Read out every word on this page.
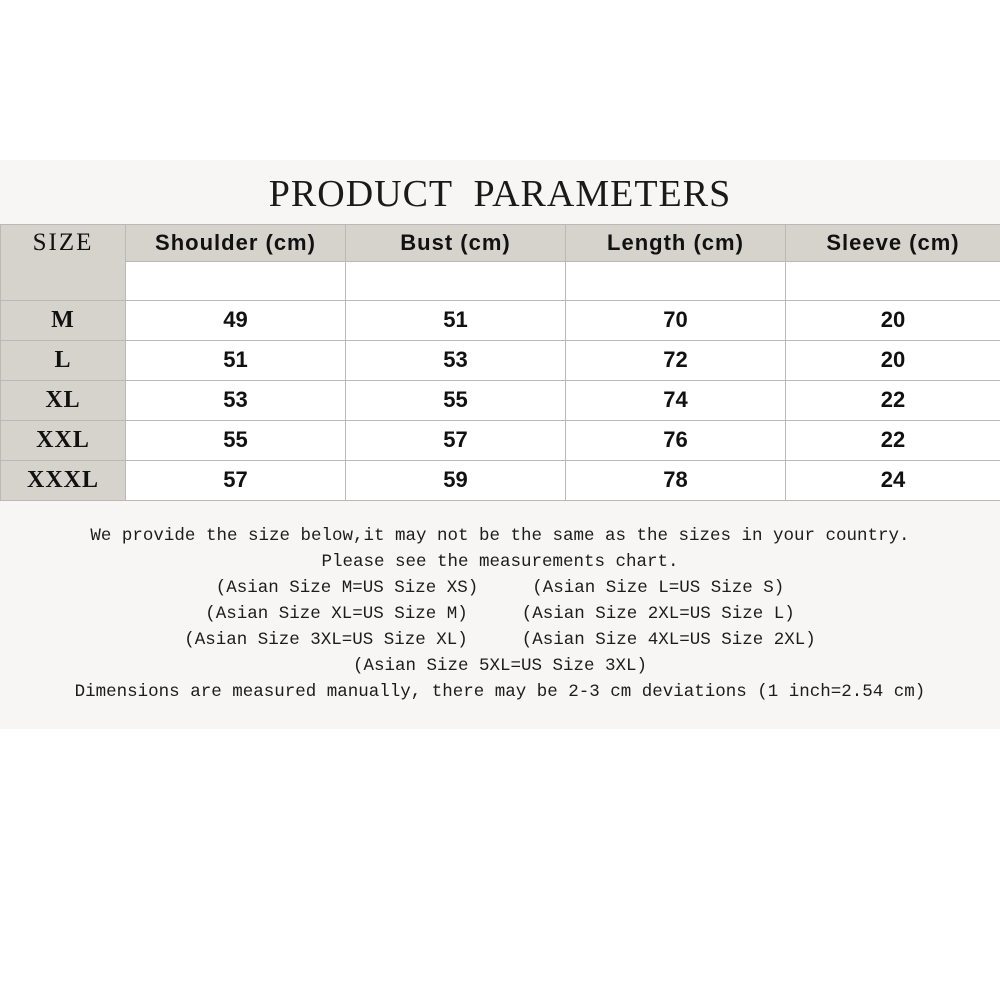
PRODUCT  PARAMETERS
SIZE	Shoulder (cm)	Bust (cm)	Length (cm)	Sleeve (cm)

M	49	51	70	20
L	51	53	72	20
XL	53	55	74	22
XXL	55	57	76	22
XXXL	57	59	78	24
We provide the size below,it may not be the same as the sizes in your country.
Please see the measurements chart.
(Asian Size M=US Size XS)	(Asian Size L=US Size S)
(Asian Size XL=US Size M)	(Asian Size 2XL=US Size L)
(Asian Size 3XL=US Size XL)	(Asian Size 4XL=US Size 2XL)
(Asian Size 5XL=US Size 3XL)
Dimensions are measured manually, there may be 2-3 cm deviations (1 inch=2.54 cm)
